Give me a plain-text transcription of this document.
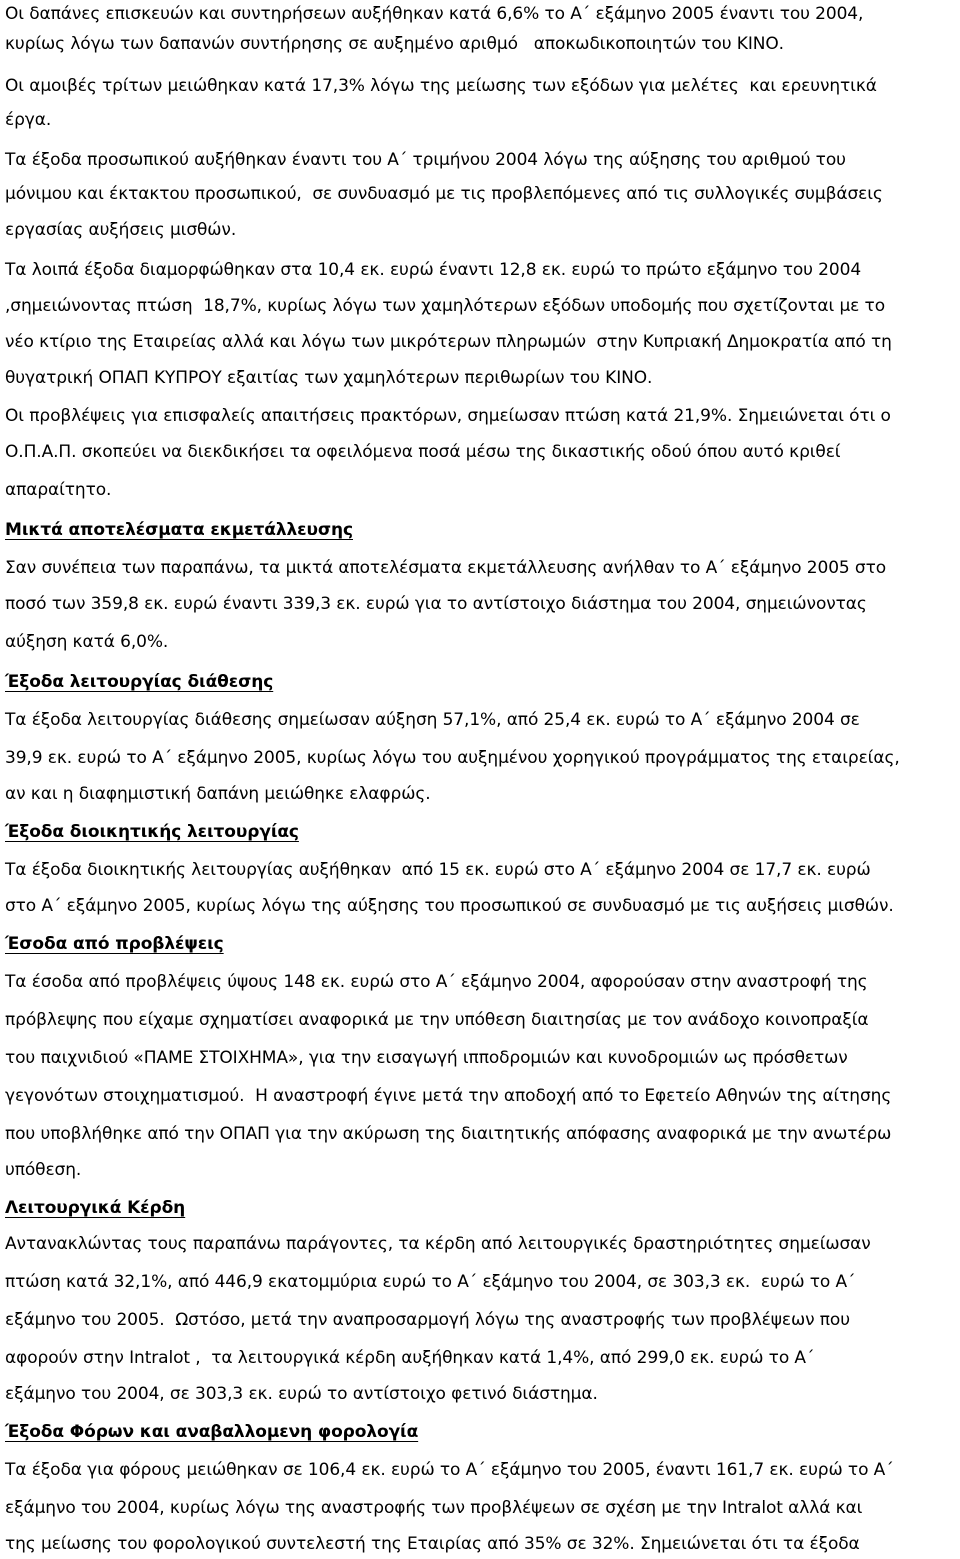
Οι δαπάνες επισκευών και συντηρήσεων αυξήθηκαν κατά 6,6% το Α΄ εξάμηνο 2005 έναντι του 2004,
κυρίως λόγω των δαπανών συντήρησης σε αυξημένο αριθμό   αποκωδικοποιητών του ΚΙΝΟ.
Οι αμοιβές τρίτων μειώθηκαν κατά 17,3% λόγω της μείωσης των εξόδων για μελέτες  και ερευνητικά
έργα.
Τα έξοδα προσωπικού αυξήθηκαν έναντι του Α΄ τριμήνου 2004 λόγω της αύξησης του αριθμού του
μόνιμου και έκτακτου προσωπικού,  σε συνδυασμό με τις προβλεπόμενες από τις συλλογικές συμβάσεις
εργασίας αυξήσεις μισθών.
Τα λοιπά έξοδα διαμορφώθηκαν στα 10,4 εκ. ευρώ έναντι 12,8 εκ. ευρώ το πρώτο εξάμηνο του 2004
,σημειώνοντας πτώση  18,7%, κυρίως λόγω των χαμηλότερων εξόδων υποδομής που σχετίζονται με το
νέο κτίριο της Εταιρείας αλλά και λόγω των μικρότερων πληρωμών  στην Κυπριακή Δημοκρατία από τη
θυγατρική ΟΠΑΠ ΚΥΠΡΟΥ εξαιτίας των χαμηλότερων περιθωρίων του ΚΙΝΟ.
Οι προβλέψεις για επισφαλείς απαιτήσεις πρακτόρων, σημείωσαν πτώση κατά 21,9%. Σημειώνεται ότι ο
Ο.Π.Α.Π. σκοπεύει να διεκδικήσει τα οφειλόμενα ποσά μέσω της δικαστικής οδού όπου αυτό κριθεί
απαραίτητο.
Μικτά αποτελέσματα εκμετάλλευσης
Σαν συνέπεια των παραπάνω, τα μικτά αποτελέσματα εκμετάλλευσης ανήλθαν το Α΄ εξάμηνο 2005 στο
ποσό των 359,8 εκ. ευρώ έναντι 339,3 εκ. ευρώ για το αντίστοιχο διάστημα του 2004, σημειώνοντας
αύξηση κατά 6,0%.
Έξοδα λειτουργίας διάθεσης
Τα έξοδα λειτουργίας διάθεσης σημείωσαν αύξηση 57,1%, από 25,4 εκ. ευρώ το Α΄ εξάμηνο 2004 σε
39,9 εκ. ευρώ το Α΄ εξάμηνο 2005, κυρίως λόγω του αυξημένου χορηγικού προγράμματος της εταιρείας,
αν και η διαφημιστική δαπάνη μειώθηκε ελαφρώς.
Έξοδα διοικητικής λειτουργίας
Τα έξοδα διοικητικής λειτουργίας αυξήθηκαν  από 15 εκ. ευρώ στο Α΄ εξάμηνο 2004 σε 17,7 εκ. ευρώ
στο Α΄ εξάμηνο 2005, κυρίως λόγω της αύξησης του προσωπικού σε συνδυασμό με τις αυξήσεις μισθών.
Έσοδα από προβλέψεις
Τα έσοδα από προβλέψεις ύψους 148 εκ. ευρώ στο Α΄ εξάμηνο 2004, αφορούσαν στην αναστροφή της
πρόβλεψης που είχαμε σχηματίσει αναφορικά με την υπόθεση διαιτησίας με τον ανάδοχο κοινοπραξία
του παιχνιδιού «ΠΑΜΕ ΣΤΟΙΧΗΜΑ», για την εισαγωγή ιπποδρομιών και κυνοδρομιών ως πρόσθετων
γεγονότων στοιχηματισμού.  Η αναστροφή έγινε μετά την αποδοχή από το Εφετείο Αθηνών της αίτησης
που υποβλήθηκε από την ΟΠΑΠ για την ακύρωση της διαιτητικής απόφασης αναφορικά με την ανωτέρω
υπόθεση.
Λειτουργικά Κέρδη
Αντανακλώντας τους παραπάνω παράγοντες, τα κέρδη από λειτουργικές δραστηριότητες σημείωσαν
πτώση κατά 32,1%, από 446,9 εκατομμύρια ευρώ το Α΄ εξάμηνο του 2004, σε 303,3 εκ.  ευρώ το Α΄
εξάμηνο του 2005.  Ωστόσο, μετά την αναπροσαρμογή λόγω της αναστροφής των προβλέψεων που
αφορούν στην Intralot ,  τα λειτουργικά κέρδη αυξήθηκαν κατά 1,4%, από 299,0 εκ. ευρώ το Α΄
εξάμηνο του 2004, σε 303,3 εκ. ευρώ το αντίστοιχο φετινό διάστημα.
Έξοδα Φόρων και αναβαλλομενη φορολογία
Τα έξοδα για φόρους μειώθηκαν σε 106,4 εκ. ευρώ το Α΄ εξάμηνο του 2005, έναντι 161,7 εκ. ευρώ το Α΄
εξάμηνο του 2004, κυρίως λόγω της αναστροφής των προβλέψεων σε σχέση με την Intralot αλλά και
της μείωσης του φορολογικού συντελεστή της Εταιρίας από 35% σε 32%. Σημειώνεται ότι τα έξοδα
